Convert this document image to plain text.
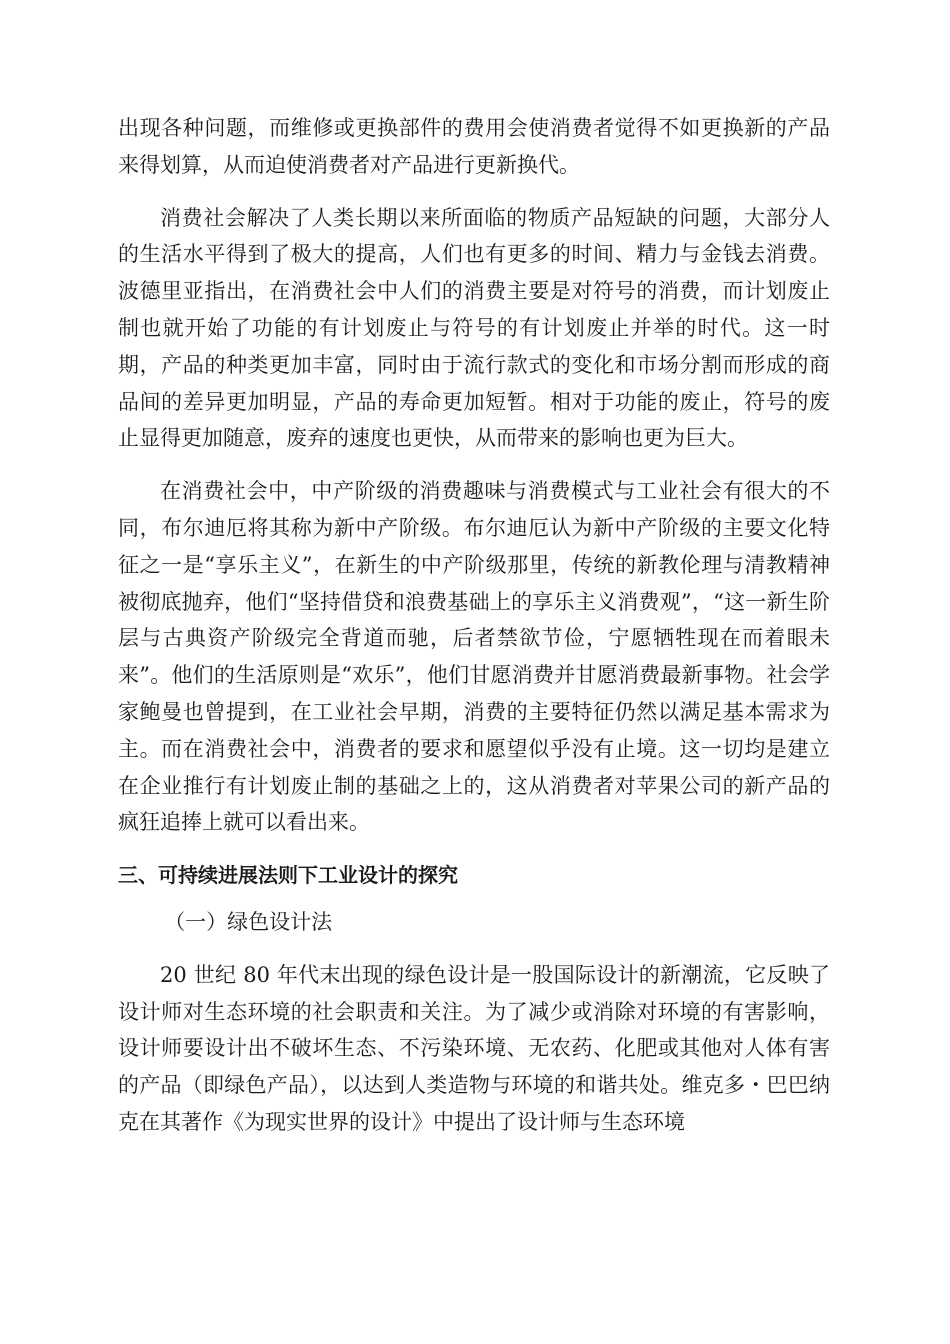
出现各种问题，而维修或更换部件的费用会使消费者觉得不如更换新的产品来得划算，从而迫使消费者对产品进行更新换代。

消费社会解决了人类长期以来所面临的物质产品短缺的问题，大部分人的生活水平得到了极大的提高，人们也有更多的时间、精力与金钱去消费。波德里亚指出，在消费社会中人们的消费主要是对符号的消费，而计划废止制也就开始了功能的有计划废止与符号的有计划废止并举的时代。这一时期，产品的种类更加丰富，同时由于流行款式的变化和市场分割而形成的商品间的差异更加明显，产品的寿命更加短暂。相对于功能的废止，符号的废止显得更加随意，废弃的速度也更快，从而带来的影响也更为巨大。

在消费社会中，中产阶级的消费趣味与消费模式与工业社会有很大的不同，布尔迪厄将其称为新中产阶级。布尔迪厄认为新中产阶级的主要文化特征之一是“享乐主义”，在新生的中产阶级那里，传统的新教伦理与清教精神被彻底抛弃，他们“坚持借贷和浪费基础上的享乐主义消费观”，“这一新生阶层与古典资产阶级完全背道而驰，后者禁欲节俭，宁愿牺牲现在而着眼未来”。他们的生活原则是“欢乐”，他们甘愿消费并甘愿消费最新事物。社会学家鲍曼也曾提到，在工业社会早期，消费的主要特征仍然以满足基本需求为主。而在消费社会中，消费者的要求和愿望似乎没有止境。这一切均是建立在企业推行有计划废止制的基础之上的，这从消费者对苹果公司的新产品的疯狂追捧上就可以看出来。

三、可持续进展法则下工业设计的探究

（一）绿色设计法

20 世纪 80 年代末出现的绿色设计是一股国际设计的新潮流，它反映了设计师对生态环境的社会职责和关注。为了减少或消除对环境的有害影响，设计师要设计出不破坏生态、不污染环境、无农药、化肥或其他对人体有害的产品（即绿色产品），以达到人类造物与环境的和谐共处。维克多・巴巴纳克在其著作《为现实世界的设计》中提出了设计师与生态环境
